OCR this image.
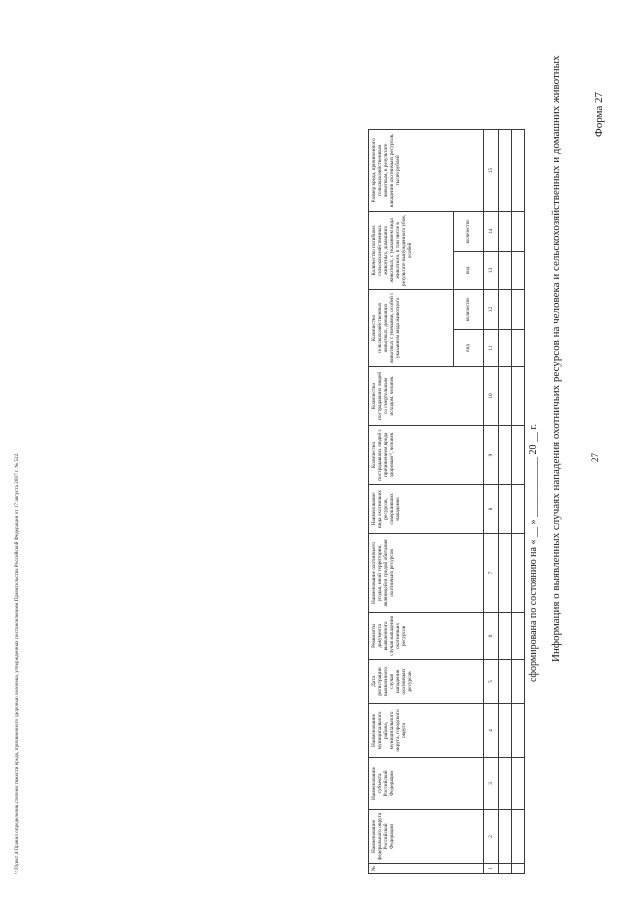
27
Форма 27
Информация о выявленных случаях нападения охотничьих ресурсов на человека и сельскохозяйственных и домашних животных
сформирована по состоянию на « __ » ____________ 20 __ г.
№	Наименование федерального округа Российской Федерации	Наименование субъекта Российской Федерации	Наименование муниципального района, муниципального округа, городского округа	Дата регистрации выявленного случая нападения охотничьих ресурсов	Реквизиты документа выявленного случая нападения охотничьих ресурсов	Наименование охотничьего угодья, иной территории, являющейся средой обитания охотничьих ресурсов	Наименование вида охотничьих ресурсов, совершивших нападение	Количество пострадавших людей с причинением вреда здоровью¹⁾, человек	Количество пострадавших людей со смертельным исходом, человек	Количество сельскохозяйственных животных, домашних животных с увечьями, особей с указанием вида животного		Количество погибших сельскохозяйственных животных, домашних животных, с указанием вида животного, в том числе в результате вынужденного убоя, особей		Размер вреда, причиненного сельскохозяйственным животным, в результате нападения охотничьих ресурсов, тысяч рублей
										вид	количество	вид	количество	
1	2	3	4	5	6	7	8	9	10	11	12	13	14	15

¹⁾ Пункт 4 Правил определения степени тяжести вреда, причиненного здоровью человека, утвержденных постановлением Правительства Российской Федерации от 17 августа 2007 г. № 522.
